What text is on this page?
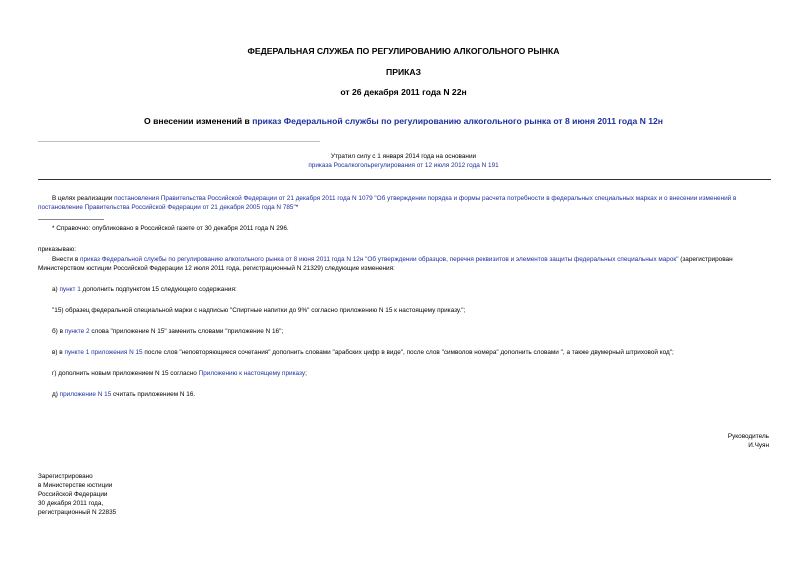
ФЕДЕРАЛЬНАЯ СЛУЖБА ПО РЕГУЛИРОВАНИЮ АЛКОГОЛЬНОГО РЫНКА
ПРИКАЗ
от 26 декабря 2011 года N 22н
О внесении изменений в приказ Федеральной службы по регулированию алкогольного рынка от 8 июня 2011 года N 12н
Утратил силу с 1 января 2014 года на основании
приказа Росалкогольрегулирования от 12 июля 2012 года N 191
В целях реализации постановления Правительства Российской Федерации от 21 декабря 2011 года N 1079 "Об утверждении порядка и формы расчета потребности в федеральных специальных марках и о внесении изменений в постановление Правительства Российской Федерации от 21 декабря 2005 года N 785"*
* Справочно: опубликовано в Российской газете от 30 декабря 2011 года N 296.
приказываю:
Внести в приказ Федеральной службы по регулированию алкогольного рынка от 8 июня 2011 года N 12н "Об утверждении образцов, перечня реквизитов и элементов защиты федеральных специальных марок" (зарегистрирован Министерством юстиции Российской Федерации 12 июля 2011 года, регистрационный N 21329) следующие изменения:
а) пункт 1 дополнить подпунктом 15 следующего содержания:
"15) образец федеральной специальной марки с надписью "Спиртные напитки до 9%" согласно приложению N 15 к настоящему приказу.";
б) в пункте 2 слова "приложение N 15" заменить словами "приложение N 16";
в) в пункте 1 приложения N 15 после слов "неповторяющиеся сочетания" дополнить словами "арабских цифр в виде", после слов "символов номера" дополнить словами ", а также двумерный штриховой код";
г) дополнить новым приложением N 15 согласно Приложению к настоящему приказу;
д) приложение N 15 считать приложением N 16.
Руководитель
И.Чуян
Зарегистрировано
в Министерстве юстиции
Российской Федерации
30 декабря 2011 года,
регистрационный N 22835
